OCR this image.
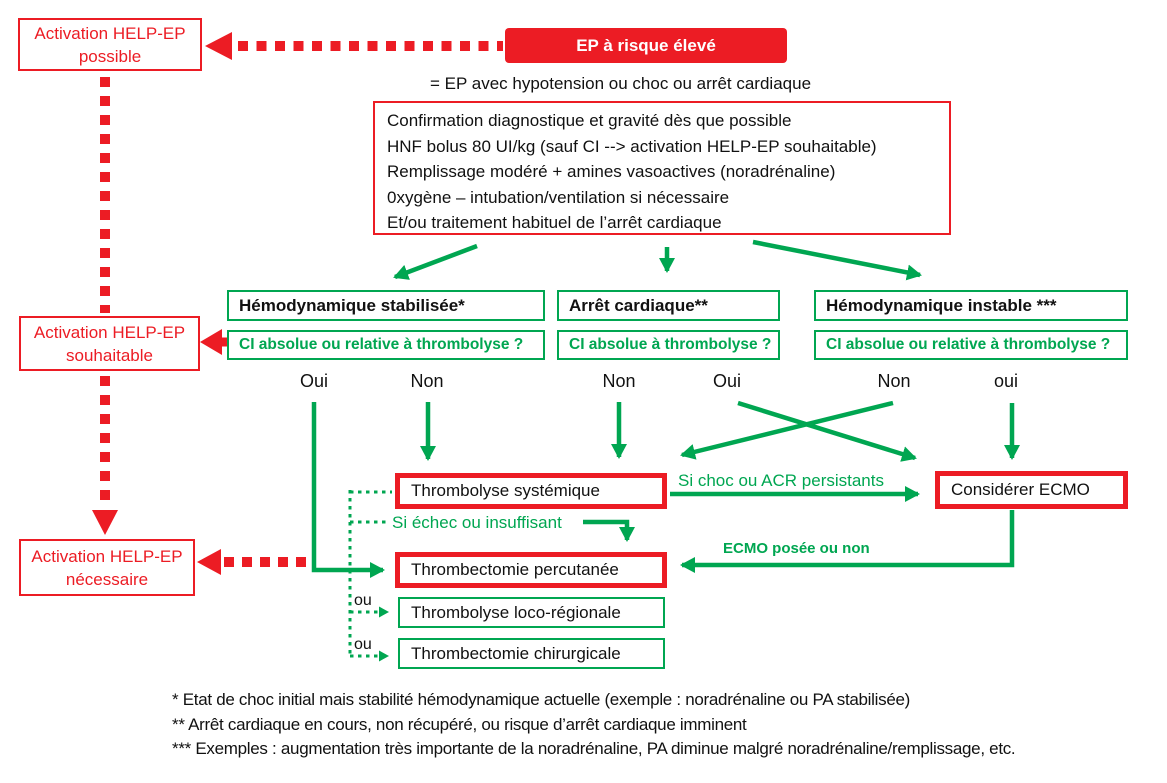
Activation HELP-EP possible
Activation HELP-EP souhaitable
Activation HELP-EP nécessaire
EP à risque élevé
= EP avec hypotension ou choc ou arrêt cardiaque
Confirmation diagnostique et gravité dès que possible
HNF bolus 80 UI/kg (sauf CI --> activation HELP-EP souhaitable)
Remplissage modéré + amines vasoactives (noradrénaline)
0xygène – intubation/ventilation si nécessaire
Et/ou traitement habituel de l’arrêt cardiaque
Hémodynamique stabilisée*	Arrêt cardiaque**	Hémodynamique instable ***
CI absolue ou relative à thrombolyse ?	CI absolue à thrombolyse ?	CI absolue ou relative à thrombolyse ?
Oui	Non	Non	Oui	Non	oui
Thrombolyse systémique
Si choc ou ACR persistants	Considérer ECMO
Si échec ou insuffisant
ECMO posée ou non
Thrombectomie percutanée
ou
Thrombolyse loco-régionale
ou Thrombectomie chirurgicale
* Etat de choc initial mais stabilité hémodynamique actuelle (exemple : noradrénaline ou PA stabilisée)
** Arrêt cardiaque en cours, non récupéré, ou risque d’arrêt cardiaque imminent
*** Exemples : augmentation très importante de la noradrénaline, PA diminue malgré noradrénaline/remplissage, etc.
